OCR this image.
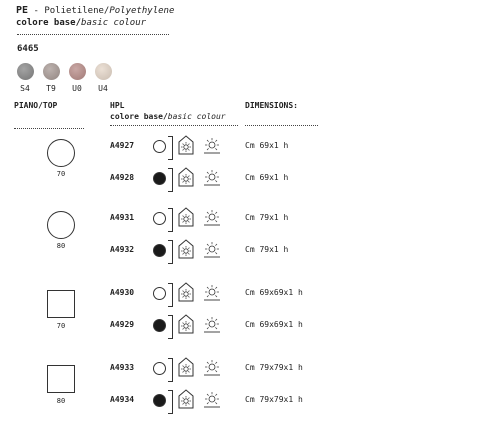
PE - Polietilene/Polyethylene
colore base/basic colour
6465
S4	T9	U0	U4
PIANO/TOP	HPL
colore base/basic colour
DIMENSIONS:
70
A4927	Cm 69x1 h
A4928	Cm 69x1 h
80
A4931	Cm 79x1 h
A4932	Cm 79x1 h
70
A4930	Cm 69x69x1 h
A4929	Cm 69x69x1 h
80
A4933	Cm 79x79x1 h
A4934	Cm 79x79x1 h
